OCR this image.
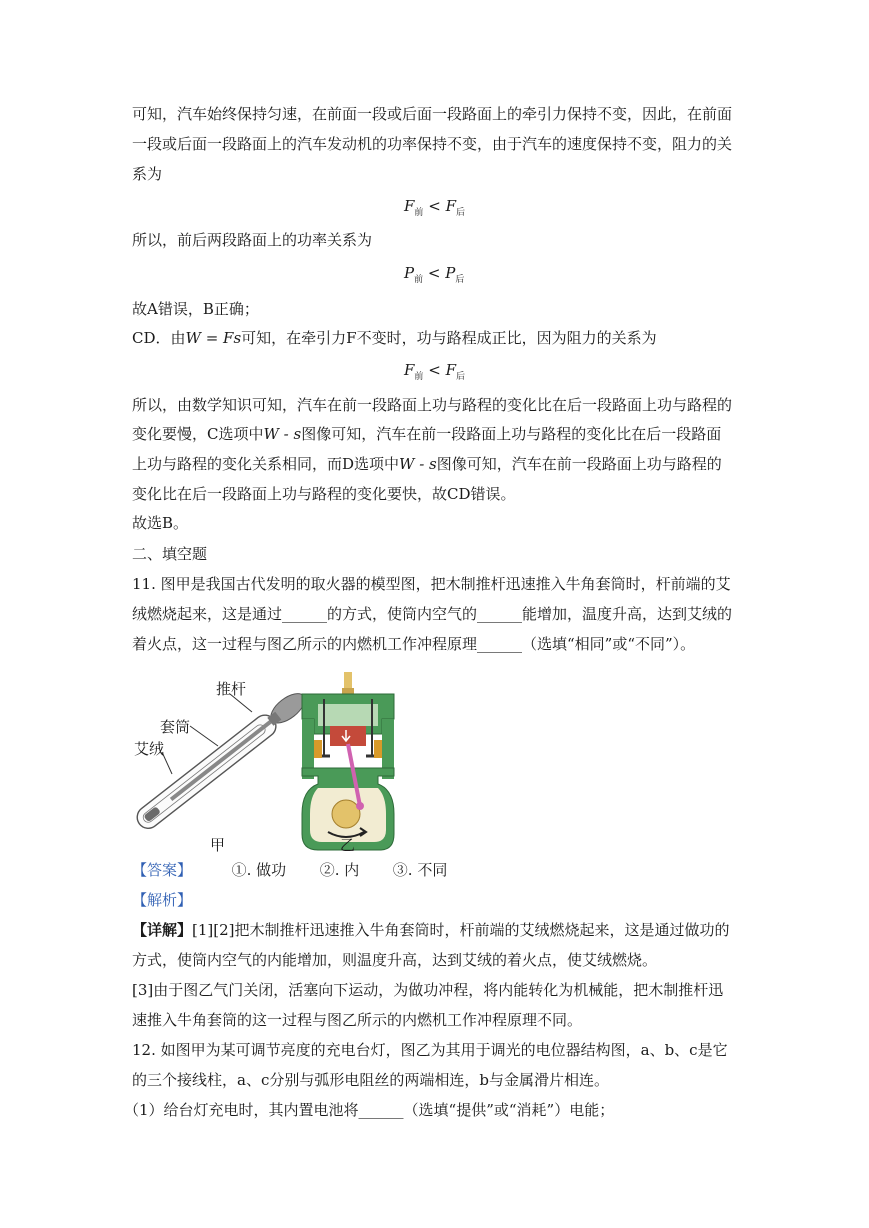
可知，汽车始终保持匀速，在前面一段或后面一段路面上的牵引力保持不变，因此，在前面
一段或后面一段路面上的汽车发动机的功率保持不变，由于汽车的速度保持不变，阻力的关
系为
$F_前 < F_后$
所以，前后两段路面上的功率关系为
$P_前 < P_后$
故A错误，B正确；
CD．由W = Fs可知，在牵引力F不变时，功与路程成正比，因为阻力的关系为
$F_前 < F_后$
所以，由数学知识可知，汽车在前一段路面上功与路程的变化比在后一段路面上功与路程的
变化要慢，C选项中W - s图像可知，汽车在前一段路面上功与路程的变化比在后一段路面
上功与路程的变化关系相同，而D选项中W - s图像可知，汽车在前一段路面上功与路程的
变化比在后一段路面上功与路程的变化要快，故CD错误。
故选B。
二、填空题
11. 图甲是我国古代发明的取火器的模型图，把木制推杆迅速推入牛角套筒时，杆前端的艾
绒燃烧起来，这是通过______的方式，使筒内空气的______能增加，温度升高，达到艾绒的
着火点，这一过程与图乙所示的内燃机工作冲程原理______（选填“相同”或“不同”）。
推杆
套筒
艾绒
甲	乙
【答案】	①. 做功 ②. 内 ③. 不同
【解析】
【详解】[1][2]把木制推杆迅速推入牛角套筒时，杆前端的艾绒燃烧起来，这是通过做功的
方式，使筒内空气的内能增加，则温度升高，达到艾绒的着火点，使艾绒燃烧。
[3]由于图乙气门关闭，活塞向下运动，为做功冲程，将内能转化为机械能，把木制推杆迅
速推入牛角套筒的这一过程与图乙所示的内燃机工作冲程原理不同。
12. 如图甲为某可调节亮度的充电台灯，图乙为其用于调光的电位器结构图，a、b、c是它
的三个接线柱，a、c分别与弧形电阻丝的两端相连，b与金属滑片相连。
（1）给台灯充电时，其内置电池将______（选填“提供”或“消耗”）电能；
